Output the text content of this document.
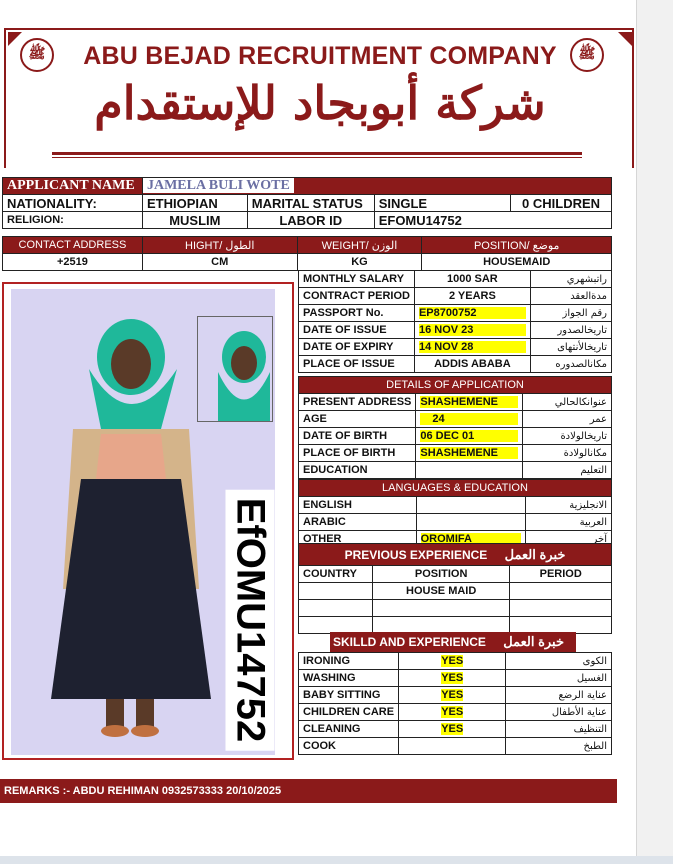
ﷺ	ﷺ
ABU BEJAD RECRUITMENT COMPANY
شركة أبوبجاد للإستقدام
APPLICANT NAME	JAMELA BULI WOTE			
NATIONALITY:	ETHIOPIAN	MARITAL STATUS	SINGLE	0 CHILDREN
RELIGION:	MUSLIM	LABOR ID	EFOMU14752	
CONTACT ADDRESS	HIGHT/ الطول	WEIGHT/ الوزن	POSITION/ موضع
+2519	CM	KG	HOUSEMAID
EfOMU14752
MONTHLY SALARY	1000 SAR	راتبشهري
CONTRACT PERIOD	2 YEARS	مدةالعقد
PASSPORT No.	EP8700752	رقم الجواز
DATE OF ISSUE	16 NOV 23	تاريخالصدور
DATE OF EXPIRY	14 NOV 28	تاريخالأنتهاى
PLACE OF ISSUE	ADDIS ABABA	مكانالصدوره
DETAILS OF APPLICATION		
PRESENT ADDRESS	SHASHEMENE	عنوانكالحالي
AGE	24	عمر
DATE OF BIRTH	06 DEC 01	تاريخالولادة
PLACE OF BIRTH	SHASHEMENE	مكانالولادة
EDUCATION		التعليم
LANGUAGES & EDUCATION		
ENGLISH		الانجليزية
ARABIC		العربية
OTHER	OROMIFA	آخر
PREVIOUS EXPERIENCE خبرة العمل		
COUNTRY	POSITION	PERIOD
	HOUSE MAID	

SKILLD AND EXPERIENCE خبرة العمل
IRONING	YES	الكوى
WASHING	YES	الغسيل
BABY SITTING	YES	عناية الرضع
CHILDREN CARE	YES	عناية الأطفال
CLEANING	YES	التنظيف
COOK		الطبخ
REMARKS :- ABDU REHIMAN 0932573333 20/10/2025
